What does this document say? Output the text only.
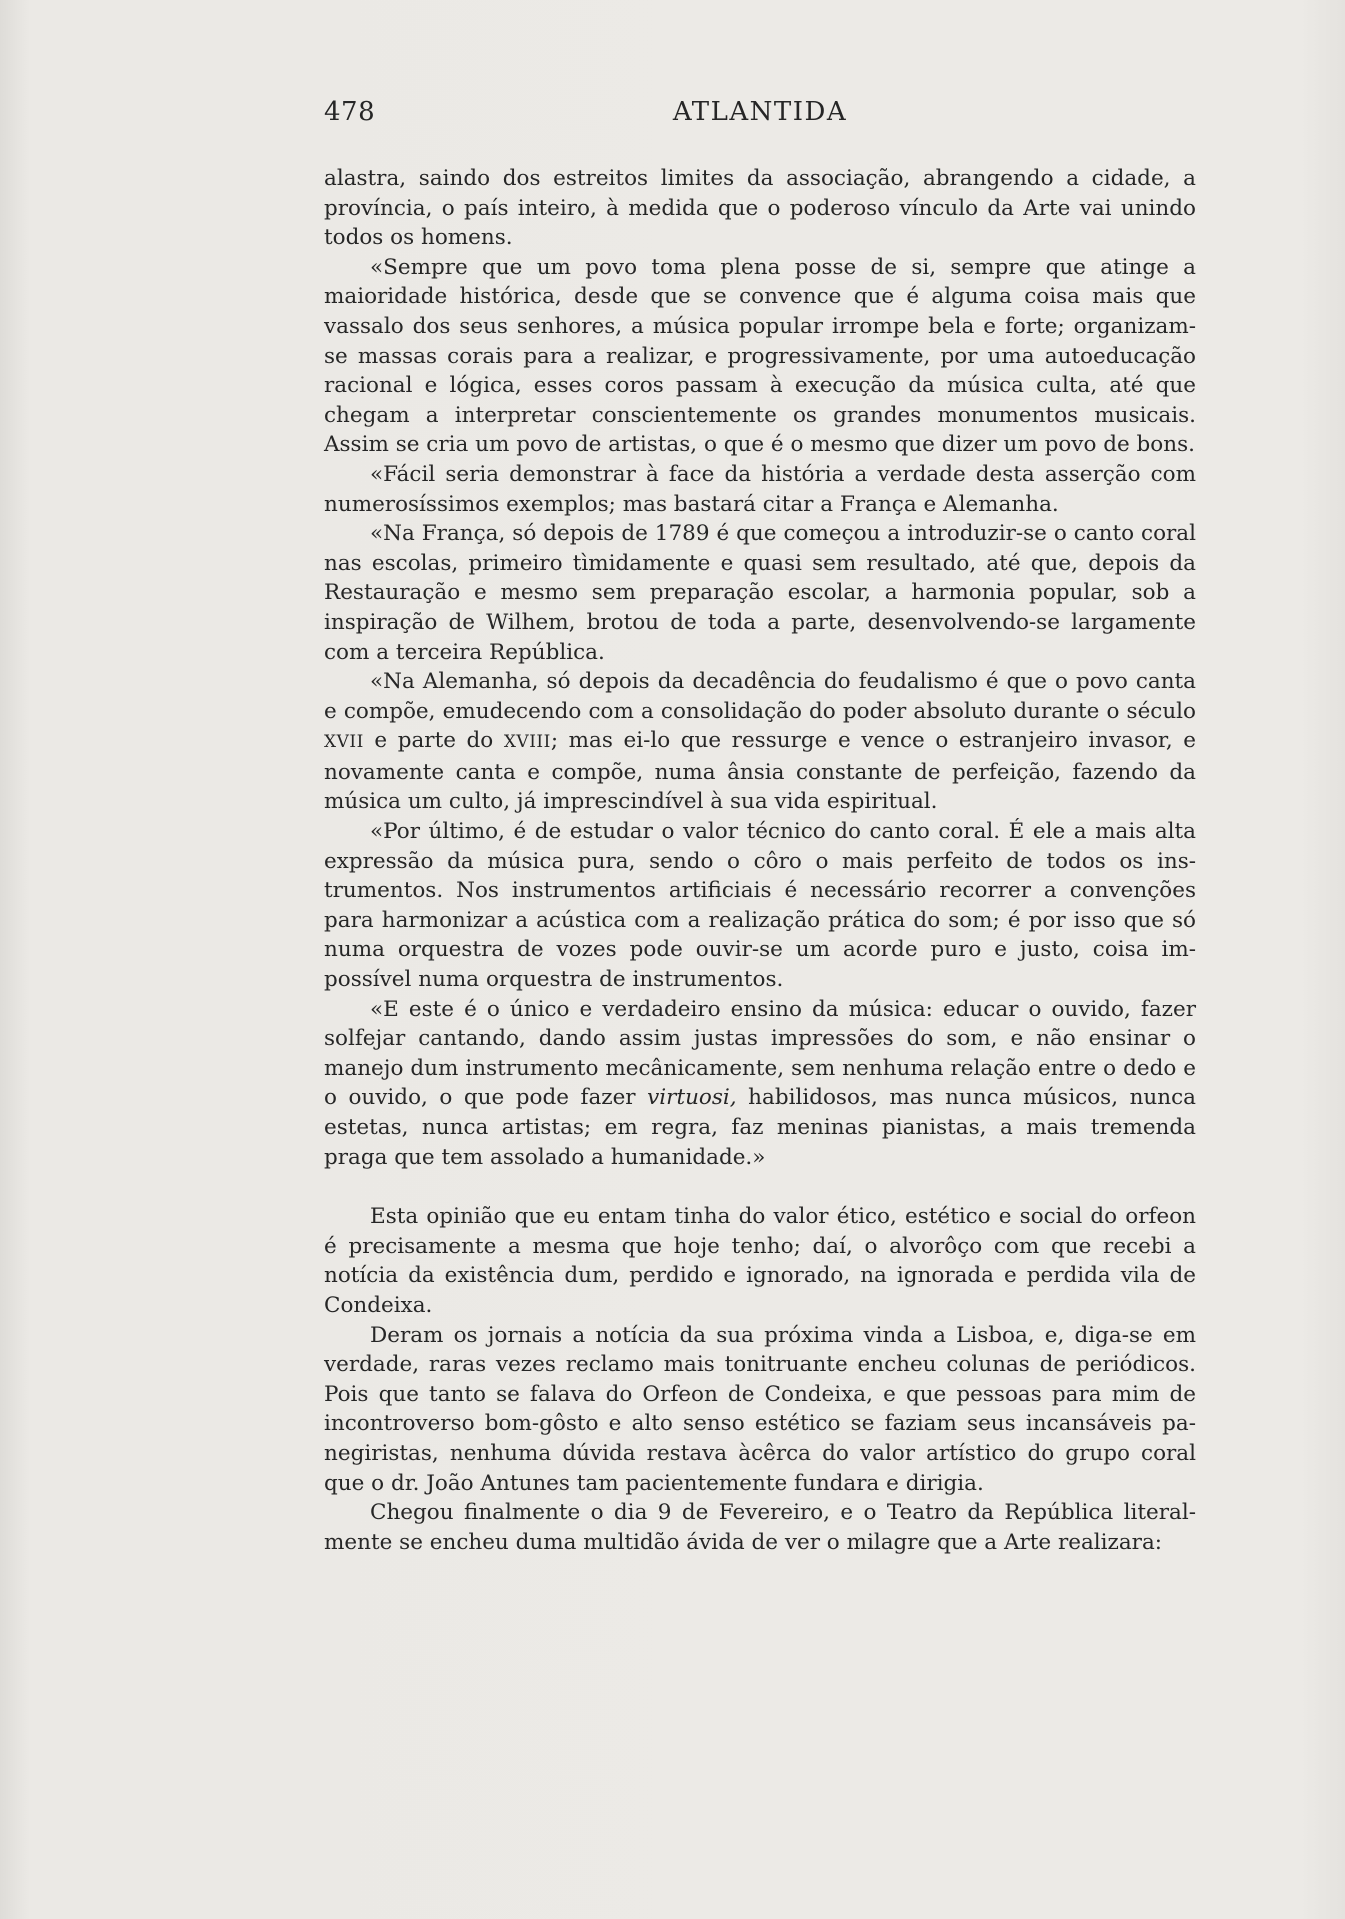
478	ATLANTIDA

alastra, saindo dos estreitos limites da associação, abrangendo a cidade, a província, o país inteiro, à medida que o poderoso vínculo da Arte vai unindo todos os homens.

«Sempre que um povo toma plena posse de si, sempre que atinge a maioridade histórica, desde que se convence que é alguma coisa mais que vassalo dos seus senhores, a música popular irrompe bela e forte; organizam-se massas corais para a realizar, e progressivamente, por uma autoeducação racional e lógica, esses coros passam à execução da música culta, até que chegam a interpretar conscientemente os grandes monumentos musicais. Assim se cria um povo de artistas, o que é o mesmo que dizer um povo de bons.

«Fácil seria demonstrar à face da história a verdade desta asserção com numerosíssimos exemplos; mas bastará citar a França e Alemanha.

«Na França, só depois de 1789 é que começou a introduzir-se o canto coral nas escolas, primeiro tìmidamente e quasi sem resultado, até que, depois da Restauração e mesmo sem preparação escolar, a harmonia popular, sob a inspiração de Wilhem, brotou de toda a parte, desenvolvendo-se largamente com a terceira República.

«Na Alemanha, só depois da decadência do feudalismo é que o povo canta e compõe, emudecendo com a consolidação do poder absoluto durante o século XVII e parte do XVIII; mas ei-lo que ressurge e vence o estranjeiro invasor, e novamente canta e compõe, numa ânsia constante de perfeição, fazendo da música um culto, já imprescindível à sua vida espiritual.

«Por último, é de estudar o valor técnico do canto coral. É ele a mais alta expressão da música pura, sendo o côro o mais perfeito de todos os instrumentos. Nos instrumentos artificiais é necessário recorrer a convenções para harmonizar a acústica com a realização prática do som; é por isso que só numa orquestra de vozes pode ouvir-se um acorde puro e justo, coisa impossível numa orquestra de instrumentos.

«E este é o único e verdadeiro ensino da música: educar o ouvido, fazer solfejar cantando, dando assim justas impressões do som, e não ensinar o manejo dum instrumento mecânicamente, sem nenhuma relação entre o dedo e o ouvido, o que pode fazer virtuosi, habilidosos, mas nunca músicos, nunca estetas, nunca artistas; em regra, faz meninas pianistas, a mais tremenda praga que tem assolado a humanidade.»

Esta opinião que eu entam tinha do valor ético, estético e social do orfeon é precisamente a mesma que hoje tenho; daí, o alvorôço com que recebi a notícia da existência dum, perdido e ignorado, na ignorada e perdida vila de Condeixa.

Deram os jornais a notícia da sua próxima vinda a Lisboa, e, diga-se em verdade, raras vezes reclamo mais tonitruante encheu colunas de periódicos. Pois que tanto se falava do Orfeon de Condeixa, e que pessoas para mim de incontroverso bom-gôsto e alto senso estético se faziam seus incansáveis panegiristas, nenhuma dúvida restava àcêrca do valor artístico do grupo coral que o dr. João Antunes tam pacientemente fundara e dirigia.

Chegou finalmente o dia 9 de Fevereiro, e o Teatro da República literalmente se encheu duma multidão ávida de ver o milagre que a Arte realizara:
